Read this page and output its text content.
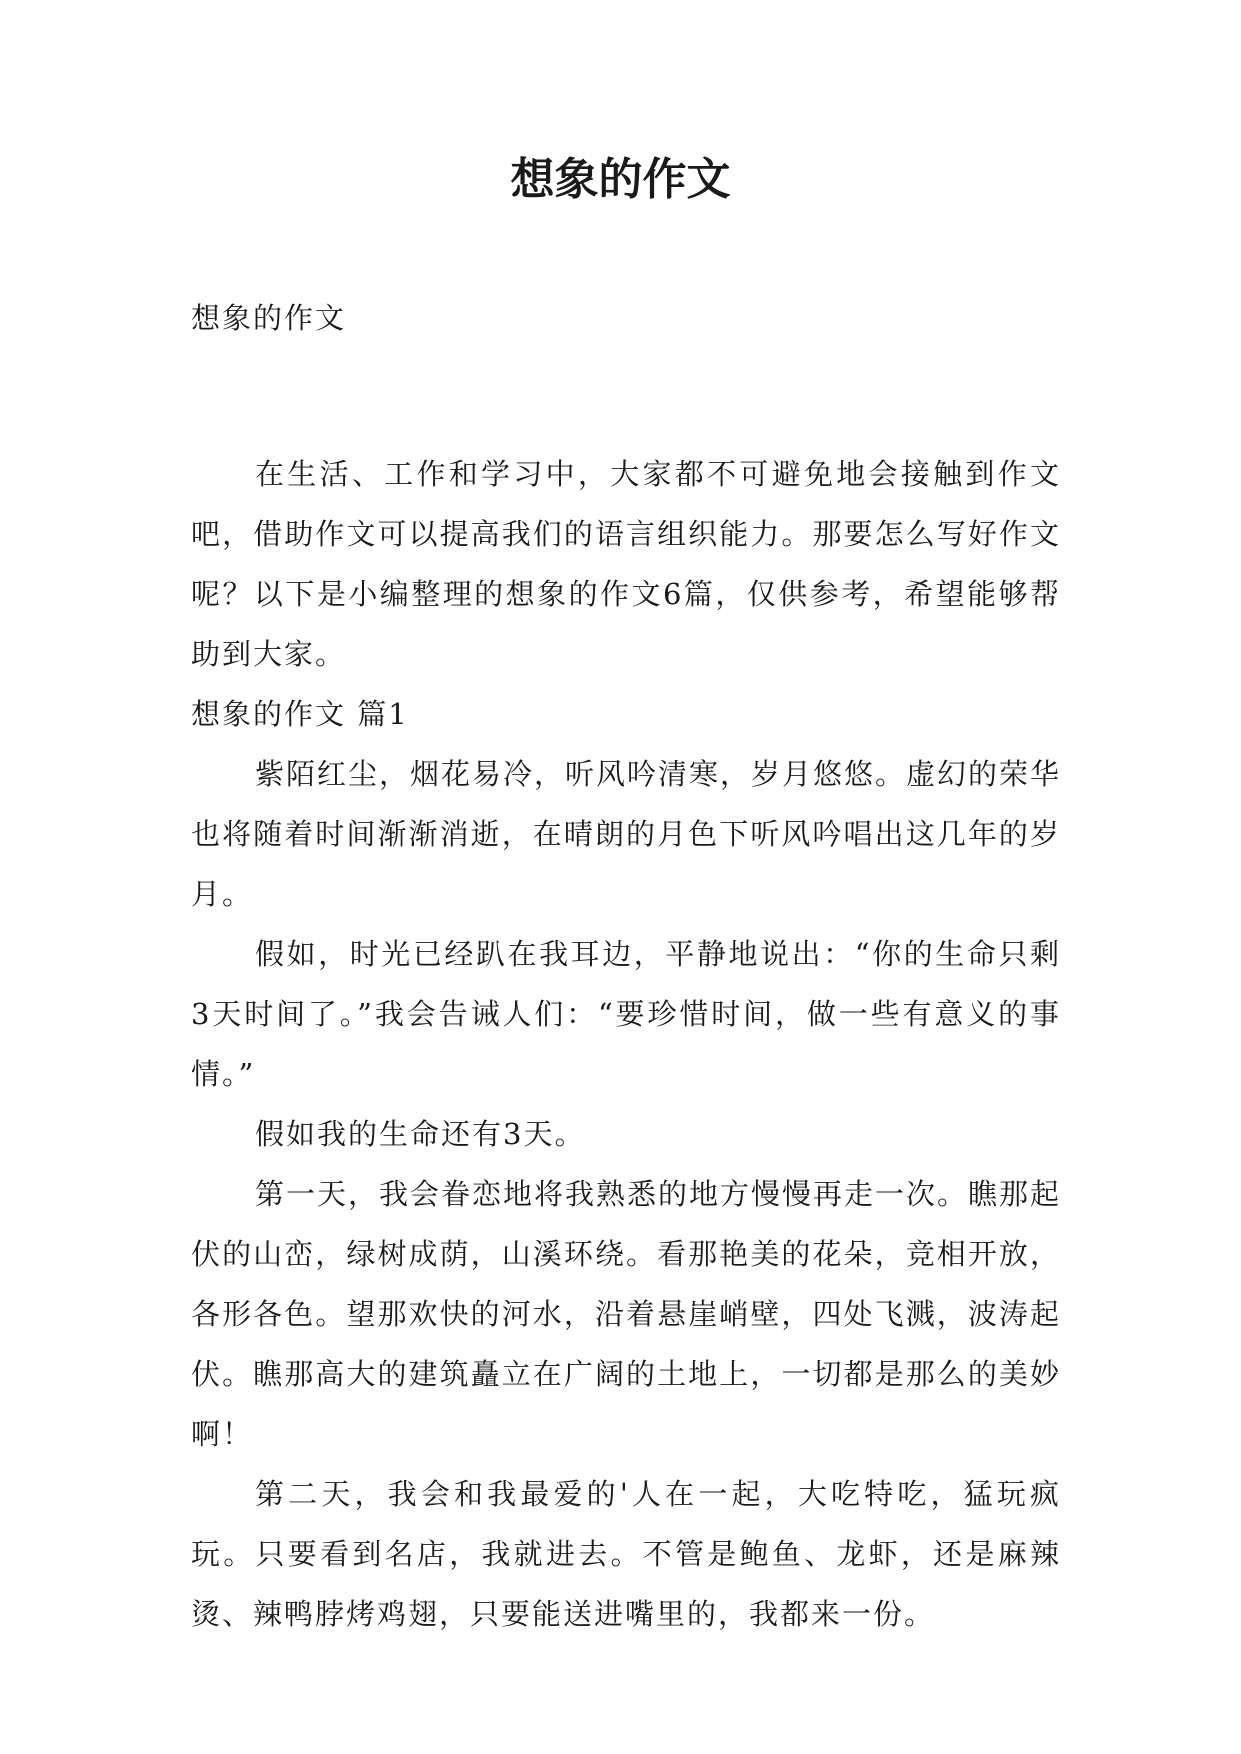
想象的作文

想象的作文

在生活、工作和学习中，大家都不可避免地会接触到作文吧，借助作文可以提高我们的语言组织能力。那要怎么写好作文呢？以下是小编整理的想象的作文6篇，仅供参考，希望能够帮助到大家。

想象的作文 篇1

紫陌红尘，烟花易冷，听风吟清寒，岁月悠悠。虚幻的荣华也将随着时间渐渐消逝，在晴朗的月色下听风吟唱出这几年的岁月。

假如，时光已经趴在我耳边，平静地说出：“你的生命只剩3天时间了。”我会告诫人们：“要珍惜时间，做一些有意义的事情。”

假如我的生命还有3天。

第一天，我会眷恋地将我熟悉的地方慢慢再走一次。瞧那起伏的山峦，绿树成荫，山溪环绕。看那艳美的花朵，竞相开放，各形各色。望那欢快的河水，沿着悬崖峭壁，四处飞溅，波涛起伏。瞧那高大的建筑矗立在广阔的土地上，一切都是那么的美妙啊！

第二天，我会和我最爱的'人在一起，大吃特吃，猛玩疯玩。只要看到名店，我就进去。不管是鲍鱼、龙虾，还是麻辣烫、辣鸭脖烤鸡翅，只要能送进嘴里的，我都来一份。
